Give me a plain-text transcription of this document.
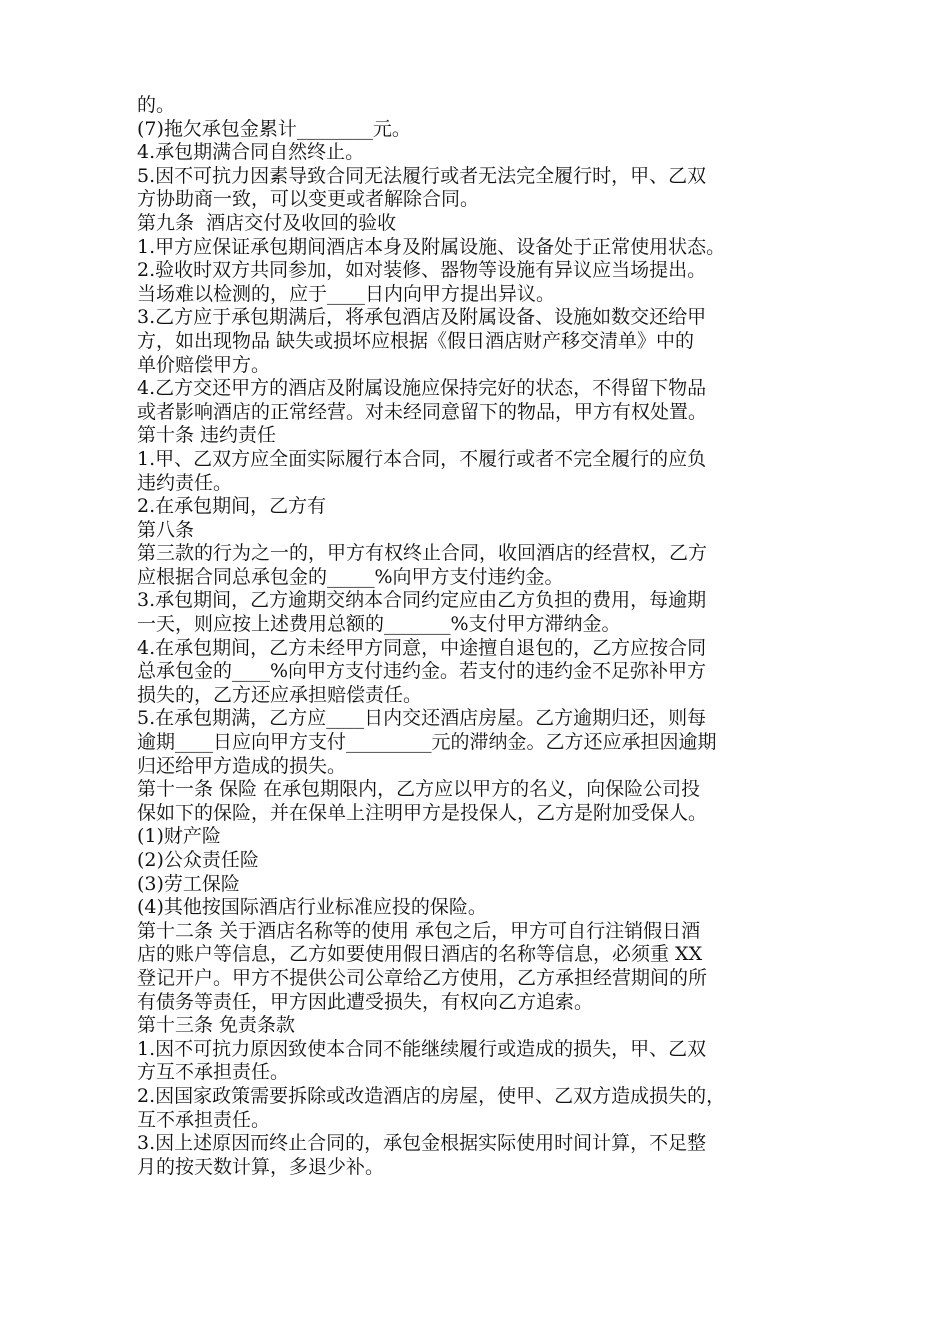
的。
(7)拖欠承包金累计________元。
4.承包期满合同自然终止。
5.因不可抗力因素导致合同无法履行或者无法完全履行时，甲、乙双
方协助商一致，可以变更或者解除合同。
第九条  酒店交付及收回的验收
1.甲方应保证承包期间酒店本身及附属设施、设备处于正常使用状态。
2.验收时双方共同参加，如对装修、器物等设施有异议应当场提出。
当场难以检测的，应于____日内向甲方提出异议。
3.乙方应于承包期满后，将承包酒店及附属设备、设施如数交还给甲
方，如出现物品 缺失或损坏应根据《假日酒店财产移交清单》中的
单价赔偿甲方。
4.乙方交还甲方的酒店及附属设施应保持完好的状态，不得留下物品
或者影响酒店的正常经营。对未经同意留下的物品，甲方有权处置。
第十条 违约责任
1.甲、乙双方应全面实际履行本合同，不履行或者不完全履行的应负
违约责任。
2.在承包期间，乙方有
第八条
第三款的行为之一的，甲方有权终止合同，收回酒店的经营权，乙方
应根据合同总承包金的_____%向甲方支付违约金。
3.承包期间，乙方逾期交纳本合同约定应由乙方负担的费用，每逾期
一天，则应按上述费用总额的_______%支付甲方滞纳金。
4.在承包期间，乙方未经甲方同意，中途擅自退包的，乙方应按合同
总承包金的____%向甲方支付违约金。若支付的违约金不足弥补甲方
损失的，乙方还应承担赔偿责任。
5.在承包期满，乙方应____日内交还酒店房屋。乙方逾期归还，则每
逾期____日应向甲方支付_________元的滞纳金。乙方还应承担因逾期
归还给甲方造成的损失。
第十一条 保险 在承包期限内，乙方应以甲方的名义，向保险公司投
保如下的保险，并在保单上注明甲方是投保人，乙方是附加受保人。
(1)财产险
(2)公众责任险
(3)劳工保险
(4)其他按国际酒店行业标准应投的保险。
第十二条 关于酒店名称等的使用 承包之后，甲方可自行注销假日酒
店的账户等信息，乙方如要使用假日酒店的名称等信息，必须重 XX
登记开户。甲方不提供公司公章给乙方使用，乙方承担经营期间的所
有债务等责任，甲方因此遭受损失，有权向乙方追索。
第十三条 免责条款
1.因不可抗力原因致使本合同不能继续履行或造成的损失，甲、乙双
方互不承担责任。
2.因国家政策需要拆除或改造酒店的房屋，使甲、乙双方造成损失的，
互不承担责任。
3.因上述原因而终止合同的，承包金根据实际使用时间计算，不足整
月的按天数计算，多退少补。
